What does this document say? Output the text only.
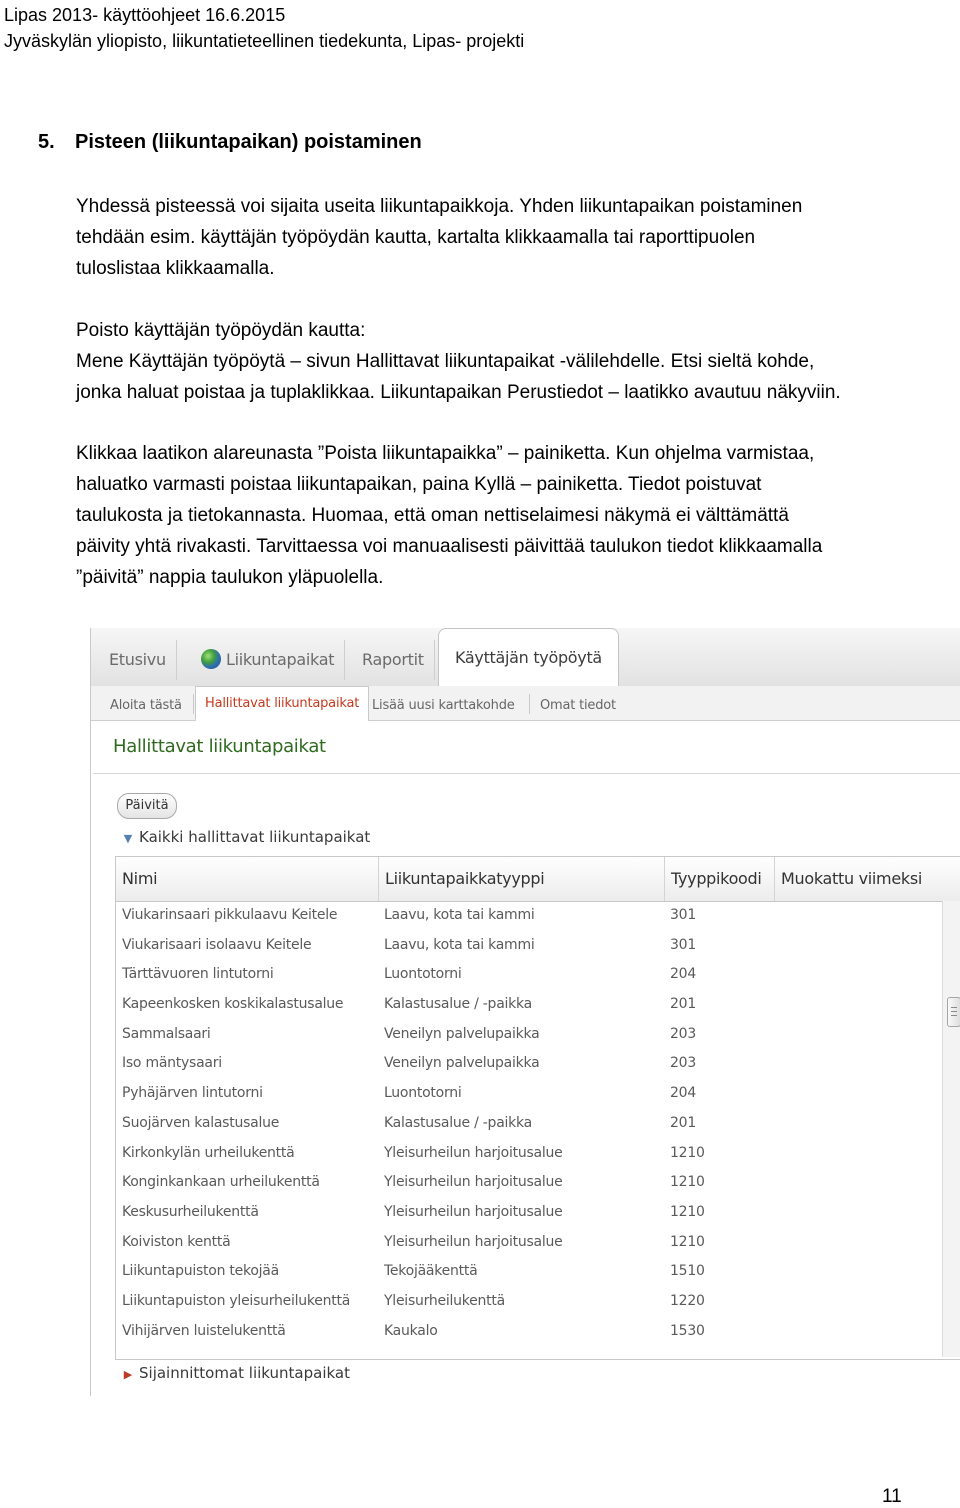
Lipas 2013- käyttöohjeet 16.6.2015
Jyväskylän yliopisto, liikuntatieteellinen tiedekunta, Lipas- projekti
5. Pisteen (liikuntapaikan) poistaminen
Yhdessä pisteessä voi sijaita useita liikuntapaikkoja. Yhden liikuntapaikan poistaminen
tehdään esim. käyttäjän työpöydän kautta, kartalta klikkaamalla tai raporttipuolen
tuloslistaa klikkaamalla.
Poisto käyttäjän työpöydän kautta:
Mene Käyttäjän työpöytä – sivun Hallittavat liikuntapaikat -välilehdelle. Etsi sieltä kohde,
jonka haluat poistaa ja tuplaklikkaa. Liikuntapaikan Perustiedot – laatikko avautuu näkyviin.
Klikkaa laatikon alareunasta ”Poista liikuntapaikka” – painiketta. Kun ohjelma varmistaa,
haluatko varmasti poistaa liikuntapaikan, paina Kyllä – painiketta. Tiedot poistuvat
taulukosta ja tietokannasta. Huomaa, että oman nettiselaimesi näkymä ei välttämättä
päivity yhtä rivakasti. Tarvittaessa voi manuaalisesti päivittää taulukon tiedot klikkaamalla
”päivitä” nappia taulukon yläpuolella.
Etusivu	Liikuntapaikat	Raportit	Käyttäjän työpöytä
Aloita tästä	Hallittavat liikuntapaikat Lisää uusi karttakohde	Omat tiedot
Hallittavat liikuntapaikat
Päivitä
▼ Kaikki hallittavat liikuntapaikat
Nimi	Liikuntapaikkatyyppi	Tyyppikoodi	Muokattu viimeksi
Viukarinsaari pikkulaavu Keitele	Laavu, kota tai kammi	301
Viukarisaari isolaavu Keitele	Laavu, kota tai kammi	301
Tärttävuoren lintutorni	Luontotorni	204
Kapeenkosken koskikalastusalue	Kalastusalue / -paikka	201
Sammalsaari	Veneilyn palvelupaikka	203
Iso mäntysaari	Veneilyn palvelupaikka	203
Pyhäjärven lintutorni	Luontotorni	204
Suojärven kalastusalue	Kalastusalue / -paikka	201
Kirkonkylän urheilukenttä	Yleisurheilun harjoitusalue	1210
Konginkankaan urheilukenttä	Yleisurheilun harjoitusalue	1210
Keskusurheilukenttä	Yleisurheilun harjoitusalue	1210
Koiviston kenttä	Yleisurheilun harjoitusalue	1210
Liikuntapuiston tekojää	Tekojääkenttä	1510
Liikuntapuiston yleisurheilukenttä	Yleisurheilukenttä	1220
Vihijärven luistelukenttä	Kaukalo	1530
▶ Sijainnittomat liikuntapaikat
11
